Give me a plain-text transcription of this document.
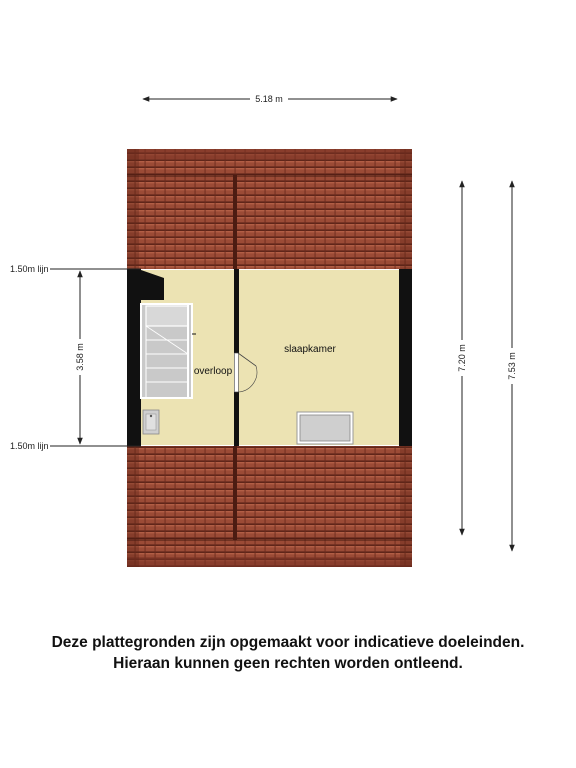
5.18 m
overloop
slaapkamer
1.50m lijn
1.50m lijn
3.58 m	7.20 m	7.53 m
Deze plattegronden zijn opgemaakt voor indicatieve doeleinden.
Hieraan kunnen geen rechten worden ontleend.
